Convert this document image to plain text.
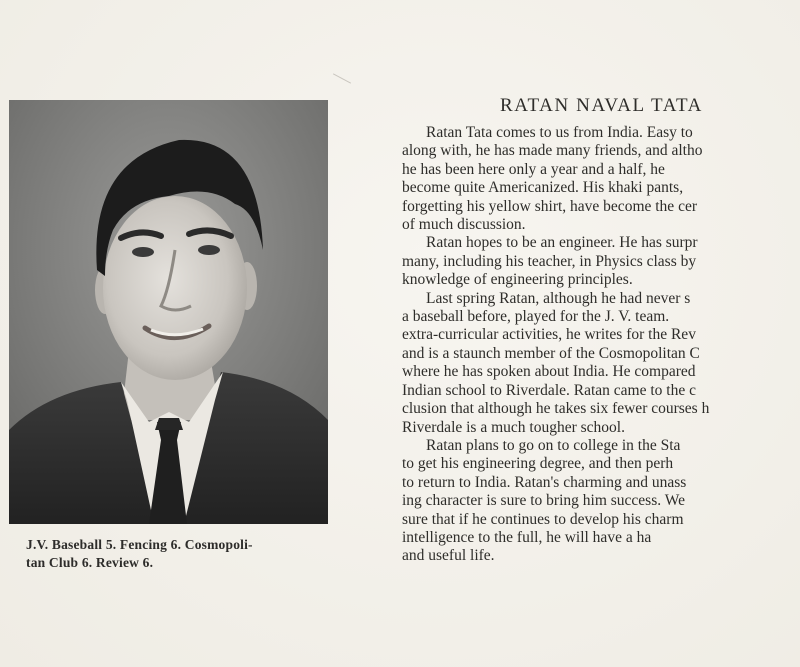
J.V. Baseball 5. Fencing 6. Cosmopoli-
tan Club 6. Review 6.
RATAN NAVAL TATA
Ratan Tata comes to us from India. Easy to
along with, he has made many friends, and altho
he has been here only a year and a half, he
become quite Americanized. His khaki pants,
forgetting his yellow shirt, have become the cer
of much discussion.
Ratan hopes to be an engineer. He has surpr
many, including his teacher, in Physics class by
knowledge of engineering principles.
Last spring Ratan, although he had never s
a baseball before, played for the J. V. team.
extra-curricular activities, he writes for the Rev
and is a staunch member of the Cosmopolitan C
where he has spoken about India. He compared
Indian school to Riverdale. Ratan came to the c
clusion that although he takes six fewer courses h
Riverdale is a much tougher school.
Ratan plans to go on to college in the Sta
to get his engineering degree, and then perh
to return to India. Ratan's charming and unass
ing character is sure to bring him success. We
sure that if he continues to develop his charm
intelligence to the full, he will have a ha
and useful life.
